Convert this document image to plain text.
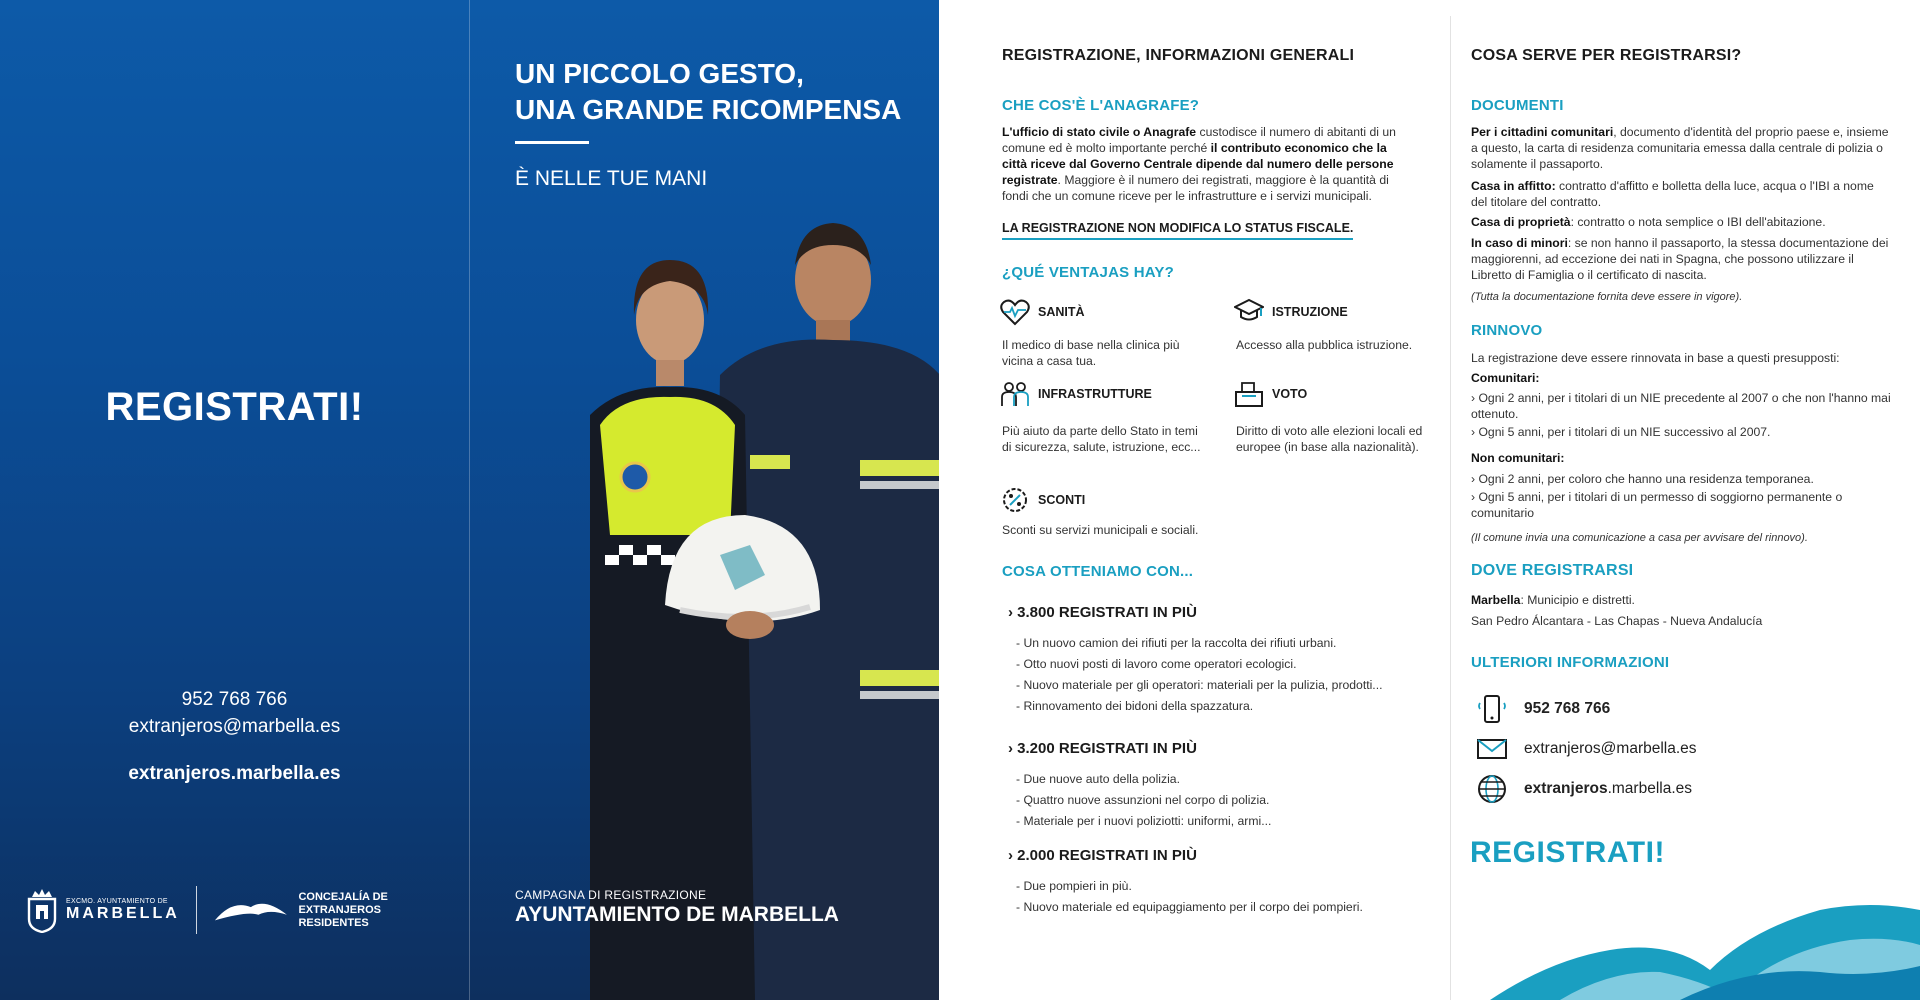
REGISTRATI!
952 768 766
extranjeros@marbella.es
extranjeros.marbella.es
EXCMO. AYUNTAMIENTO DE
MARBELLA
CONCEJALÍA DE
EXTRANJEROS RESIDENTES
UN PICCOLO GESTO,
UNA GRANDE RICOMPENSA
È NELLE TUE MANI
CAMPAGNA DI REGISTRAZIONE
AYUNTAMIENTO DE MARBELLA
REGISTRAZIONE, INFORMAZIONI GENERALI
CHE COS'È L'ANAGRAFE?
L'ufficio di stato civile o Anagrafe custodisce il numero di abitanti di un comune ed è molto importante perché il contributo economico che la città riceve dal Governo Centrale dipende dal numero delle persone registrate. Maggiore è il numero dei registrati, maggiore è la quantità di fondi che un comune riceve per le infrastrutture e i servizi municipali.
LA REGISTRAZIONE NON MODIFICA LO STATUS FISCALE.
¿QUÉ VENTAJAS HAY?
SANITÀ
Il medico di base nella clinica più vicina a casa tua.
ISTRUZIONE
Accesso alla pubblica istruzione.
INFRASTRUTTURE
Più aiuto da parte dello Stato in temi di sicurezza, salute, istruzione, ecc...
VOTO
Diritto di voto alle elezioni locali ed europee (in base alla nazionalità).
SCONTI
Sconti su servizi municipali e sociali.
COSA OTTENIAMO CON...
› 3.800 REGISTRATI IN PIÙ
- Un nuovo camion dei rifiuti per la raccolta dei rifiuti urbani.
- Otto nuovi posti di lavoro come operatori ecologici.
- Nuovo materiale per gli operatori: materiali per la pulizia, prodotti...
- Rinnovamento dei bidoni della spazzatura.
› 3.200 REGISTRATI IN PIÙ
- Due nuove auto della polizia.
- Quattro nuove assunzioni nel corpo di polizia.
- Materiale per i nuovi poliziotti: uniformi, armi...
› 2.000 REGISTRATI IN PIÙ
- Due pompieri in più.
- Nuovo materiale ed equipaggiamento per il corpo dei pompieri.
COSA SERVE PER REGISTRARSI?
DOCUMENTI
Per i cittadini comunitari, documento d'identità del proprio paese e, insieme a questo, la carta di residenza comunitaria emessa dalla centrale di polizia o solamente il passaporto.
Casa in affitto: contratto d'affitto e bolletta della luce, acqua o l'IBI a nome del titolare del contratto.
Casa di proprietà: contratto o nota semplice o IBI dell'abitazione.
In caso di minori: se non hanno il passaporto, la stessa documentazione dei maggiorenni, ad eccezione dei nati in Spagna, che possono utilizzare il Libretto di Famiglia o il certificato di nascita.
(Tutta la documentazione fornita deve essere in vigore).
RINNOVO
La registrazione deve essere rinnovata in base a questi presupposti:
Comunitari:
› Ogni 2 anni, per i titolari di un NIE precedente al 2007 o che non l'hanno mai ottenuto.
› Ogni 5 anni, per i titolari di un NIE successivo al 2007.
Non comunitari:
› Ogni 2 anni, per coloro che hanno una residenza temporanea.
› Ogni 5 anni, per i titolari di un permesso di soggiorno permanente o comunitario
(Il comune invia una comunicazione a casa per avvisare del rinnovo).
DOVE REGISTRARSI
Marbella: Municipio e distretti.
San Pedro Álcantara - Las Chapas - Nueva Andalucía
ULTERIORI INFORMAZIONI
952 768 766
extranjeros@marbella.es
extranjeros.marbella.es
REGISTRATI!
